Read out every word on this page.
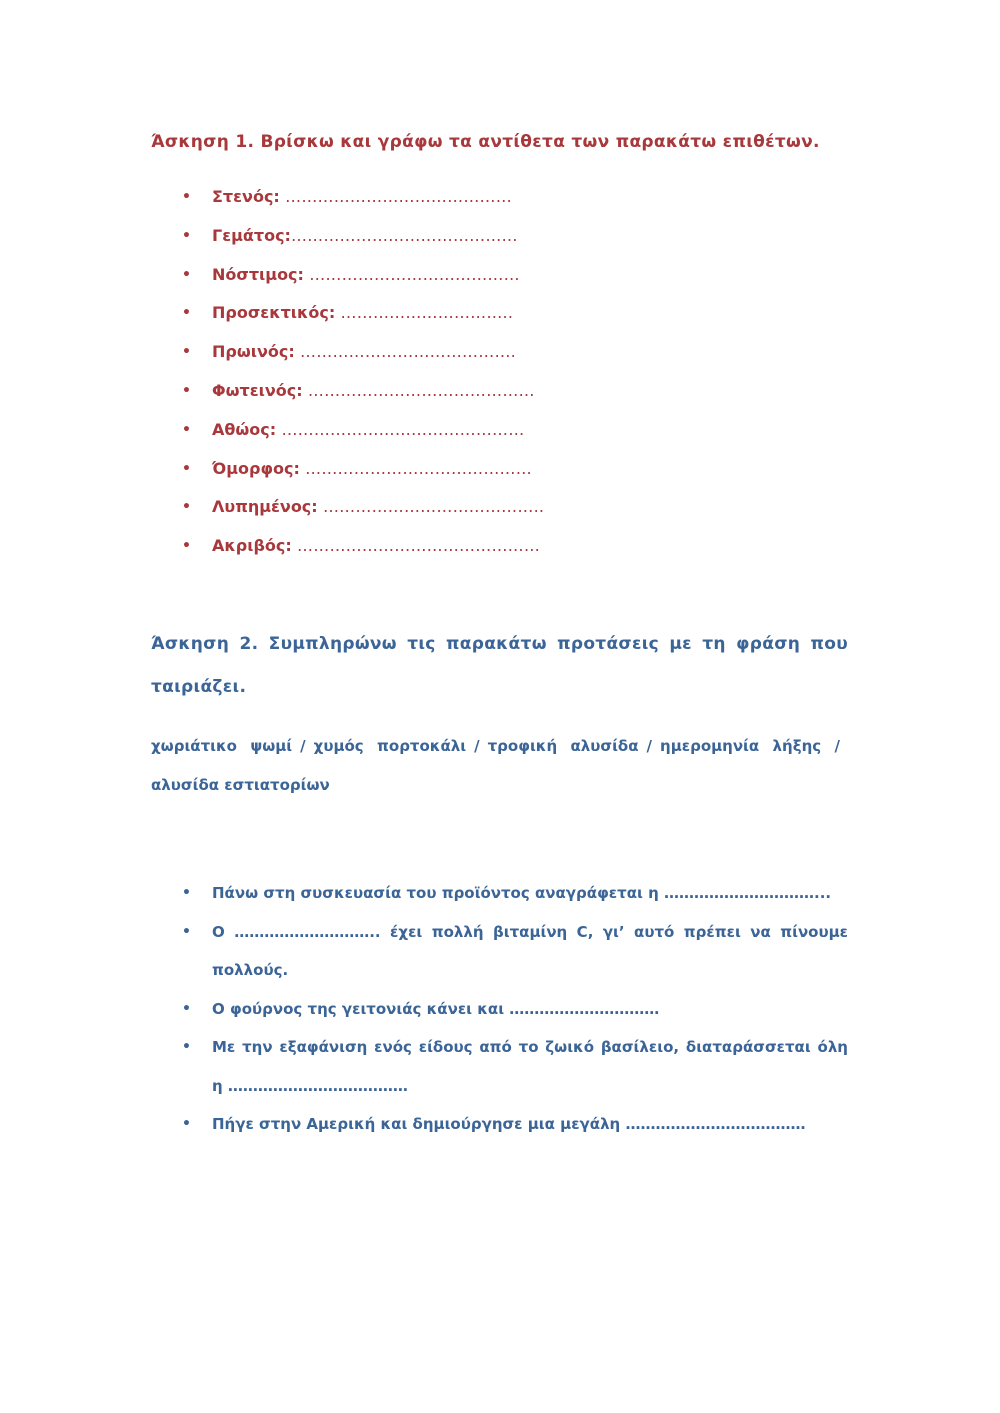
Άσκηση 1. Βρίσκω και γράφω τα αντίθετα των παρακάτω επιθέτων.
• Στενός: ……………………………………
• Γεμάτος:……………………………………
• Νόστιμος: …………………………………
• Προσεκτικός: …………………………..
• Πρωινός: ………………………………….
• Φωτεινός: ……………………………………
• Αθώος: ………………………………………
• Όμορφος: ……………………………………
• Λυπημένος: …………………………………..
• Ακριβός: ………………………………………
Άσκηση 2. Συμπληρώνω τις παρακάτω προτάσεις με τη φράση που ταιριάζει.
χωριάτικο ψωμί / χυμός πορτοκάλι / τροφική αλυσίδα / ημερομηνία λήξης /αλυσίδα εστιατορίων
• Πάνω στη συσκευασία του προϊόντος αναγράφεται η …………………………...
• Ο ……………………….. έχει πολλή βιταμίνη C, γι’ αυτό πρέπει να πίνουμε πολλούς.
• Ο φούρνος της γειτονιάς κάνει και …………………………
• Με την εξαφάνιση ενός είδους από το ζωικό βασίλειο, διαταράσσεται όλη η ………………………………
• Πήγε στην Αμερική και δημιούργησε μια μεγάλη ………………………………
